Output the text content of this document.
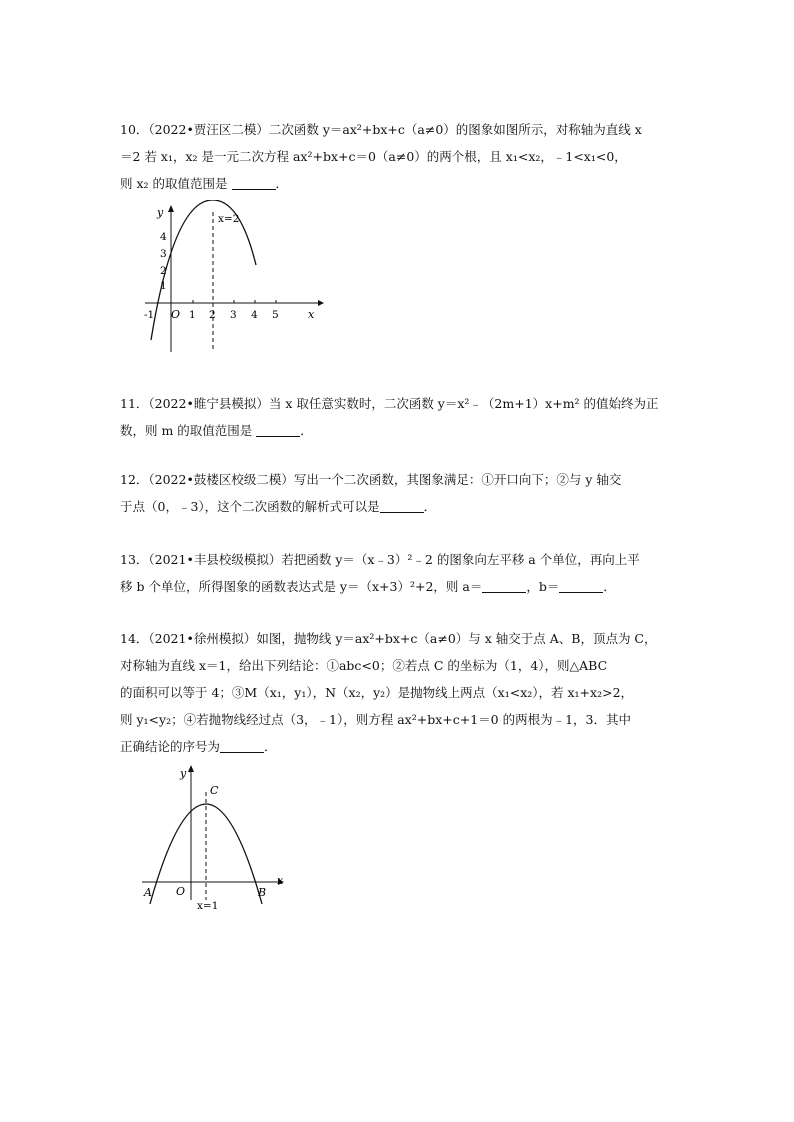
10．（2022•贾汪区二模）二次函数 y＝ax²+bx+c（a≠0）的图象如图所示，对称轴为直线 x
＝2 若 x₁，x₂ 是一元二次方程 ax²+bx+c＝0（a≠0）的两个根，且 x₁<x₂，﹣1<x₁<0，
则 x₂ 的取值范围是	．
y
x
x=2
-1 O 1 2 3 4 5
1
2
3
4
11．（2022•睢宁县模拟）当 x 取任意实数时，二次函数 y＝x²﹣（2m+1）x+m² 的值始终为正
数，则 m 的取值范围是	．
12．（2022•鼓楼区校级二模）写出一个二次函数，其图象满足：①开口向下；②与 y 轴交
于点（0，﹣3），这个二次函数的解析式可以是	．
13．（2021•丰县校级模拟）若把函数 y＝（x﹣3）²﹣2 的图象向左平移 a 个单位，再向上平
移 b 个单位，所得图象的函数表达式是 y＝（x+3）²+2，则 a＝	，b＝	．
14．（2021•徐州模拟）如图，抛物线 y＝ax²+bx+c（a≠0）与 x 轴交于点 A、B，顶点为 C，
对称轴为直线 x＝1，给出下列结论：①abc<0；②若点 C 的坐标为（1，4），则△ABC
的面积可以等于 4；③M（x₁，y₁），N（x₂，y₂）是抛物线上两点（x₁<x₂），若 x₁+x₂>2，
则 y₁<y₂；④若抛物线经过点（3，﹣1），则方程 ax²+bx+c+1＝0 的两根为﹣1，3．其中
正确结论的序号为	．
y
x
C
A O	B
x=1
